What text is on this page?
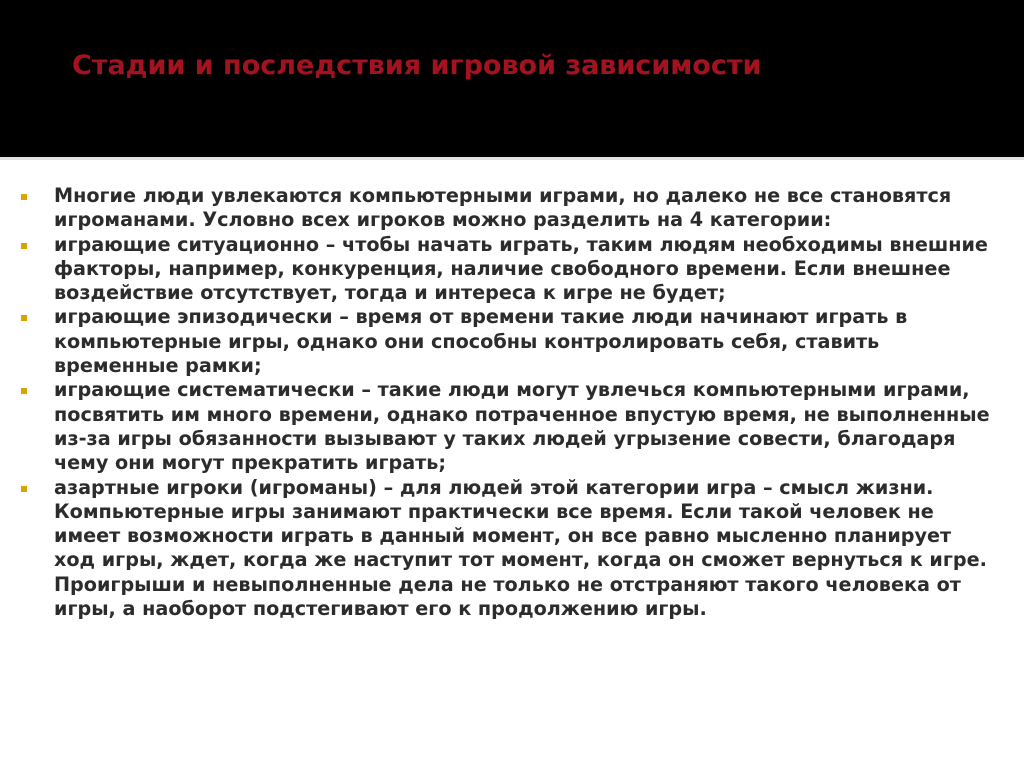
Стадии и последствия игровой зависимости
Многие люди увлекаются компьютерными играми, но далеко не все становятся игроманами. Условно всех игроков можно разделить на 4 категории:
играющие ситуационно – чтобы начать играть, таким людям необходимы внешние факторы, например, конкуренция, наличие свободного времени. Если внешнее воздействие отсутствует, тогда и интереса к игре не будет;
играющие эпизодически – время от времени такие люди начинают играть в компьютерные игры, однако они способны контролировать себя, ставить временные рамки;
играющие систематически – такие люди могут увлечься компьютерными играми, посвятить им много времени, однако потраченное впустую время, не выполненные из-за игры обязанности вызывают у таких людей угрызение совести, благодаря чему они могут прекратить играть;
азартные игроки (игроманы) – для людей этой категории игра – смысл жизни. Компьютерные игры занимают практически все время. Если такой человек не имеет возможности играть в данный момент, он все равно мысленно планирует ход игры, ждет, когда же наступит тот момент, когда он сможет вернуться к игре. Проигрыши и невыполненные дела не только не отстраняют такого человека от игры, а наоборот подстегивают его к продолжению игры.
